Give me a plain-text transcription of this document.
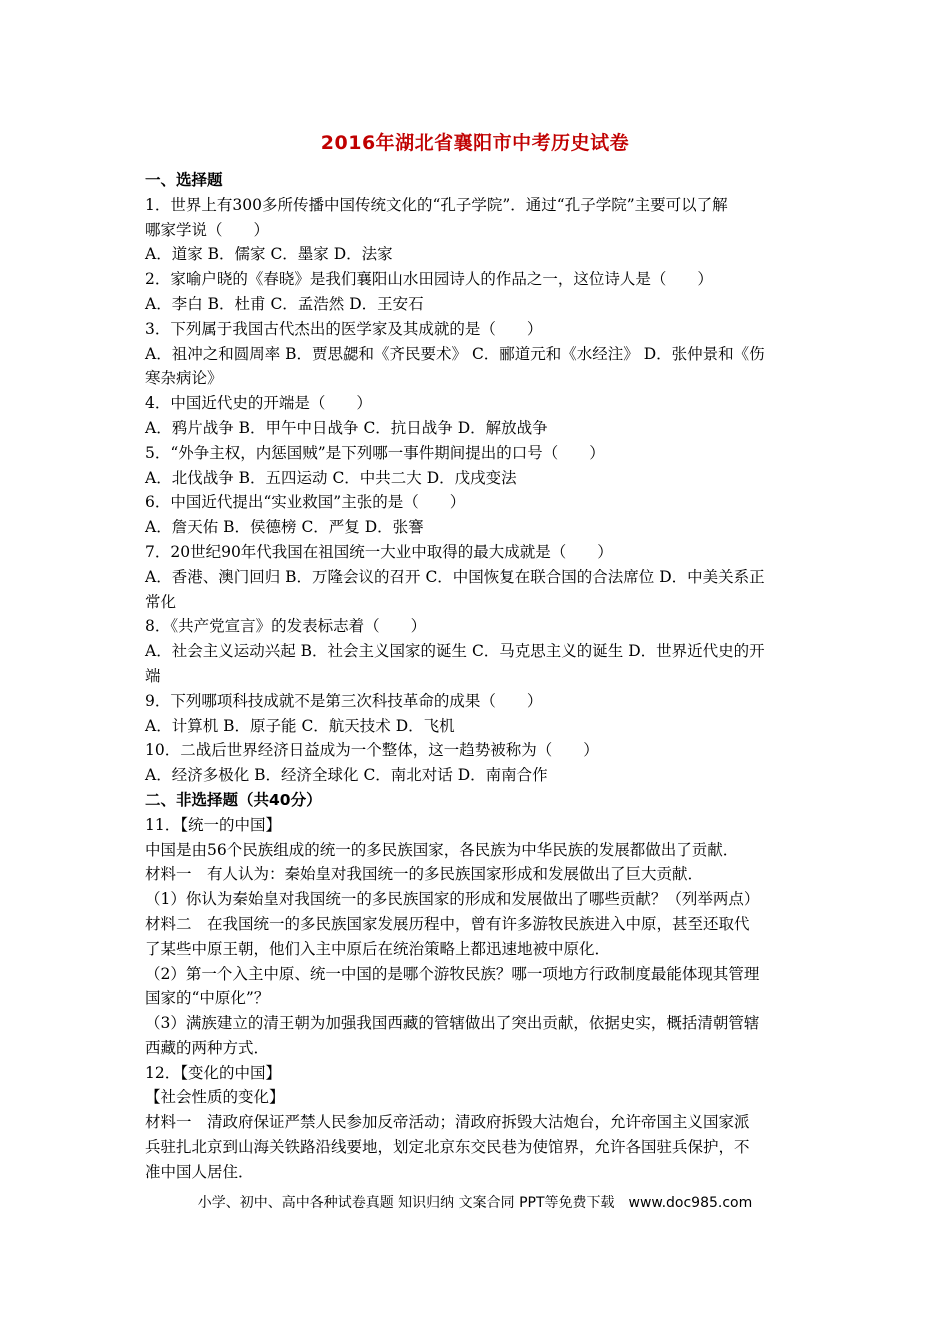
2016年湖北省襄阳市中考历史试卷
一、选择题
1．世界上有300多所传播中国传统文化的“孔子学院”．通过“孔子学院”主要可以了解
哪家学说（　　）
A．道家 B．儒家 C．墨家 D．法家
2．家喻户晓的《春晓》是我们襄阳山水田园诗人的作品之一，这位诗人是（　　）
A．李白 B．杜甫 C．孟浩然 D．王安石
3．下列属于我国古代杰出的医学家及其成就的是（　　）
A．祖冲之和圆周率 B．贾思勰和《齐民要术》 C．郦道元和《水经注》 D．张仲景和《伤
寒杂病论》
4．中国近代史的开端是（　　）
A．鸦片战争 B．甲午中日战争 C．抗日战争 D．解放战争
5．“外争主权，内惩国贼”是下列哪一事件期间提出的口号（　　）
A．北伐战争 B．五四运动 C．中共二大 D．戊戌变法
6．中国近代提出“实业救国”主张的是（　　）
A．詹天佑 B．侯德榜 C．严复 D．张謇
7．20世纪90年代我国在祖国统一大业中取得的最大成就是（　　）
A．香港、澳门回归 B．万隆会议的召开 C．中国恢复在联合国的合法席位 D．中美关系正
常化
8．《共产党宣言》的发表标志着（　　）
A．社会主义运动兴起 B．社会主义国家的诞生 C．马克思主义的诞生 D．世界近代史的开
端
9．下列哪项科技成就不是第三次科技革命的成果（　　）
A．计算机 B．原子能 C．航天技术 D．飞机
10．二战后世界经济日益成为一个整体，这一趋势被称为（　　）
A．经济多极化 B．经济全球化 C．南北对话 D．南南合作
二、非选择题（共40分）
11．【统一的中国】
中国是由56个民族组成的统一的多民族国家，各民族为中华民族的发展都做出了贡献．
材料一　有人认为：秦始皇对我国统一的多民族国家形成和发展做出了巨大贡献．
（1）你认为秦始皇对我国统一的多民族国家的形成和发展做出了哪些贡献？（列举两点）
材料二　在我国统一的多民族国家发展历程中，曾有许多游牧民族进入中原，甚至还取代
了某些中原王朝，他们入主中原后在统治策略上都迅速地被中原化．
（2）第一个入主中原、统一中国的是哪个游牧民族？哪一项地方行政制度最能体现其管理
国家的“中原化”？
（3）满族建立的清王朝为加强我国西藏的管辖做出了突出贡献，依据史实，概括清朝管辖
西藏的两种方式．
12．【变化的中国】
【社会性质的变化】
材料一　清政府保证严禁人民参加反帝活动；清政府拆毁大沽炮台，允许帝国主义国家派
兵驻扎北京到山海关铁路沿线要地，划定北京东交民巷为使馆界，允许各国驻兵保护，不
准中国人居住．
小学、初中、高中各种试卷真题 知识归纳 文案合同 PPT等免费下载　www.doc985.com
